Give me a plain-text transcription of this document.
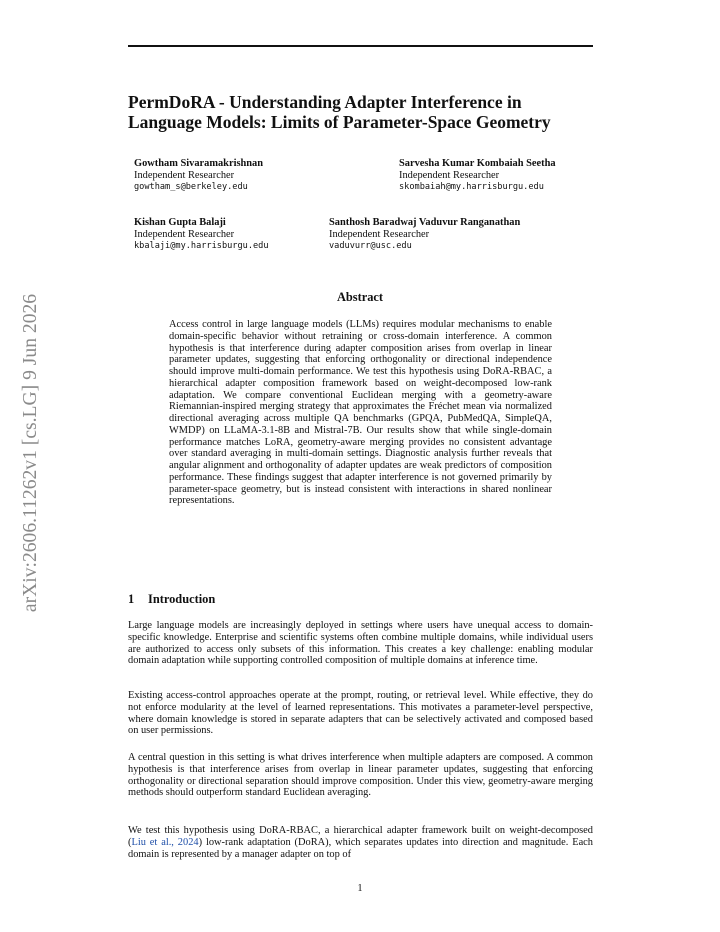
arXiv:2606.11262v1 [cs.LG] 9 Jun 2026
PermDoRA - Understanding Adapter Interference in Language Models: Limits of Parameter-Space Geometry
Gowtham Sivaramakrishnan
Independent Researcher
gowtham_s@berkeley.edu
Sarvesha Kumar Kombaiah Seetha
Independent Researcher
skombaiah@my.harrisburgu.edu
Kishan Gupta Balaji
Independent Researcher
kbalaji@my.harrisburgu.edu
Santhosh Baradwaj Vaduvur Ranganathan
Independent Researcher
vaduvurr@usc.edu
Abstract
Access control in large language models (LLMs) requires modular mechanisms to enable domain-specific behavior without retraining or cross-domain interference. A common hypothesis is that interference during adapter composition arises from overlap in linear parameter updates, suggesting that enforcing orthogonality or directional independence should improve multi-domain performance. We test this hypothesis using DoRA-RBAC, a hierarchical adapter composition framework based on weight-decomposed low-rank adaptation. We compare conventional Euclidean merging with a geometry-aware Riemannian-inspired merging strategy that approximates the Fréchet mean via normalized directional averaging across multiple QA benchmarks (GPQA, PubMedQA, SimpleQA, WMDP) on LLaMA-3.1-8B and Mistral-7B. Our results show that while single-domain performance matches LoRA, geometry-aware merging provides no consistent advantage over standard averaging in multi-domain settings. Diagnostic analysis further reveals that angular alignment and orthogonality of adapter updates are weak predictors of composition performance. These findings suggest that adapter interference is not governed primarily by parameter-space geometry, but is instead consistent with interactions in shared nonlinear representations.
1 Introduction
Large language models are increasingly deployed in settings where users have unequal access to domain-specific knowledge. Enterprise and scientific systems often combine multiple domains, while individual users are authorized to access only subsets of this information. This creates a key challenge: enabling modular domain adaptation while supporting controlled composition of multiple domains at inference time.
Existing access-control approaches operate at the prompt, routing, or retrieval level. While effective, they do not enforce modularity at the level of learned representations. This motivates a parameter-level perspective, where domain knowledge is stored in separate adapters that can be selectively activated and composed based on user permissions.
A central question in this setting is what drives interference when multiple adapters are composed. A common hypothesis is that interference arises from overlap in linear parameter updates, suggesting that enforcing orthogonality or directional separation should improve composition. Under this view, geometry-aware merging methods should outperform standard Euclidean averaging.
We test this hypothesis using DoRA-RBAC, a hierarchical adapter framework built on weight-decomposed (Liu et al., 2024) low-rank adaptation (DoRA), which separates updates into direction and magnitude. Each domain is represented by a manager adapter on top of
1
